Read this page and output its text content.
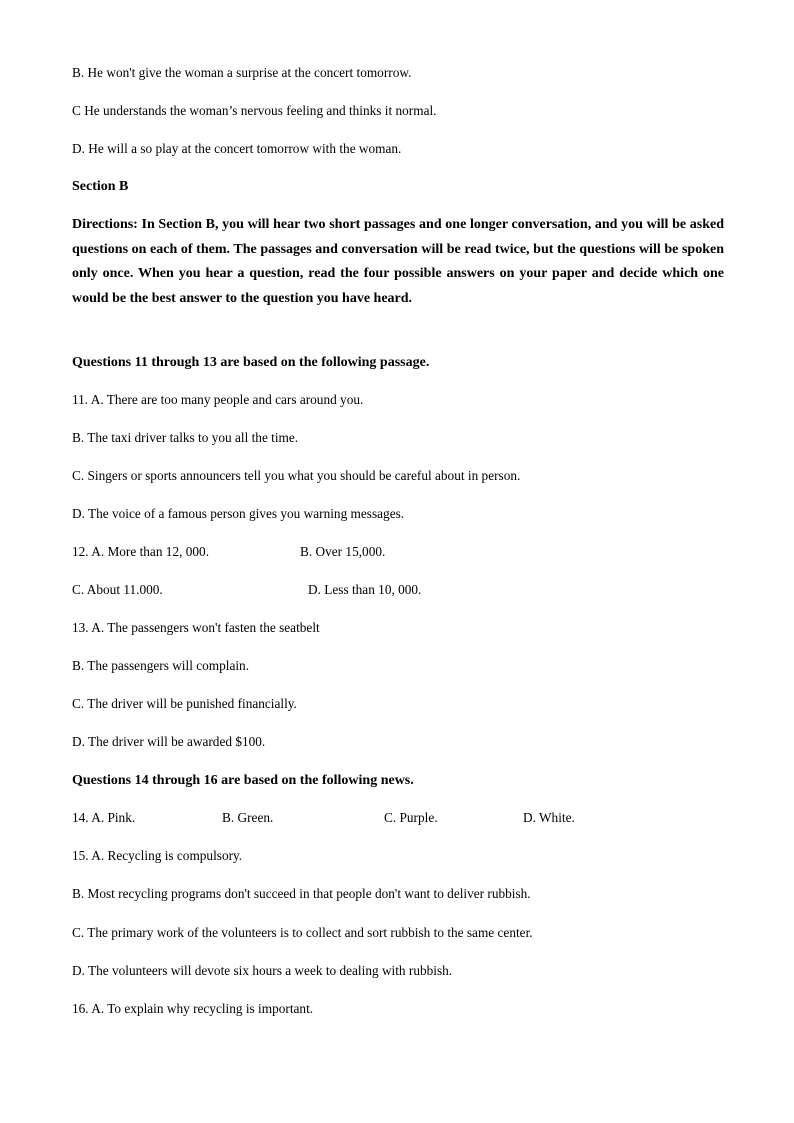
B. He won't give the woman a surprise at the concert tomorrow.
C He understands the woman’s nervous feeling and thinks it normal.
D. He will a so play at the concert tomorrow with the woman.
Section B
Directions: In Section B, you will hear two short passages and one longer conversation, and you will be asked questions on each of them. The passages and conversation will be read twice, but the questions will be spoken only once. When you hear a question, read the four possible answers on your paper and decide which one would be the best answer to the question you have heard.
Questions 11 through 13 are based on the following passage.
11. A. There are too many people and cars around you.
B. The taxi driver talks to you all the time.
C. Singers or sports announcers tell you what you should be careful about in person.
D. The voice of a famous person gives you warning messages.
12. A. More than 12, 000.	B. Over 15,000.
C. About 11.000.	D. Less than 10, 000.
13. A. The passengers won't fasten the seatbelt
B. The passengers will complain.
C. The driver will be punished financially.
D. The driver will be awarded $100.
Questions 14 through 16 are based on the following news.
14. A. Pink.	B. Green.	C. Purple.	D. White.
15. A. Recycling is compulsory.
B. Most recycling programs don't succeed in that people don't want to deliver rubbish.
C. The primary work of the volunteers is to collect and sort rubbish to the same center.
D. The volunteers will devote six hours a week to dealing with rubbish.
16. A. To explain why recycling is important.
